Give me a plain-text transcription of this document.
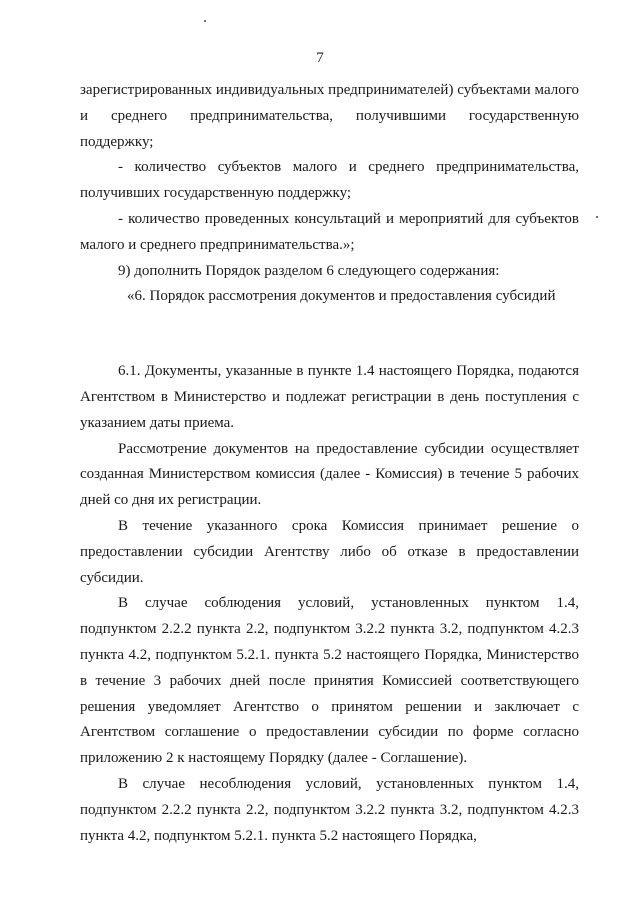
7

зарегистрированных индивидуальных предпринимателей) субъектами малого и среднего предпринимательства, получившими государственную поддержку;

- количество субъектов малого и среднего предпринимательства, получивших государственную поддержку;

- количество проведенных консультаций и мероприятий для субъектов малого и среднего предпринимательства.»;

9) дополнить Порядок разделом 6 следующего содержания:

«6. Порядок рассмотрения документов и предоставления субсидий

6.1. Документы, указанные в пункте 1.4 настоящего Порядка, подаются Агентством в Министерство и подлежат регистрации в день поступления с указанием даты приема.

Рассмотрение документов на предоставление субсидии осуществляет созданная Министерством комиссия (далее - Комиссия) в течение 5 рабочих дней со дня их регистрации.

В течение указанного срока Комиссия принимает решение о предоставлении субсидии Агентству либо об отказе в предоставлении субсидии.

В случае соблюдения условий, установленных пунктом 1.4, подпунктом 2.2.2 пункта 2.2, подпунктом 3.2.2 пункта 3.2, подпунктом 4.2.3 пункта 4.2, подпунктом 5.2.1. пункта 5.2 настоящего Порядка, Министерство в течение 3 рабочих дней после принятия Комиссией соответствующего решения уведомляет Агентство о принятом решении и заключает с Агентством соглашение о предоставлении субсидии по форме согласно приложению 2 к настоящему Порядку (далее - Соглашение).

В случае несоблюдения условий, установленных пунктом 1.4, подпунктом 2.2.2 пункта 2.2, подпунктом 3.2.2 пункта 3.2, подпунктом 4.2.3 пункта 4.2, подпунктом 5.2.1. пункта 5.2 настоящего Порядка,
